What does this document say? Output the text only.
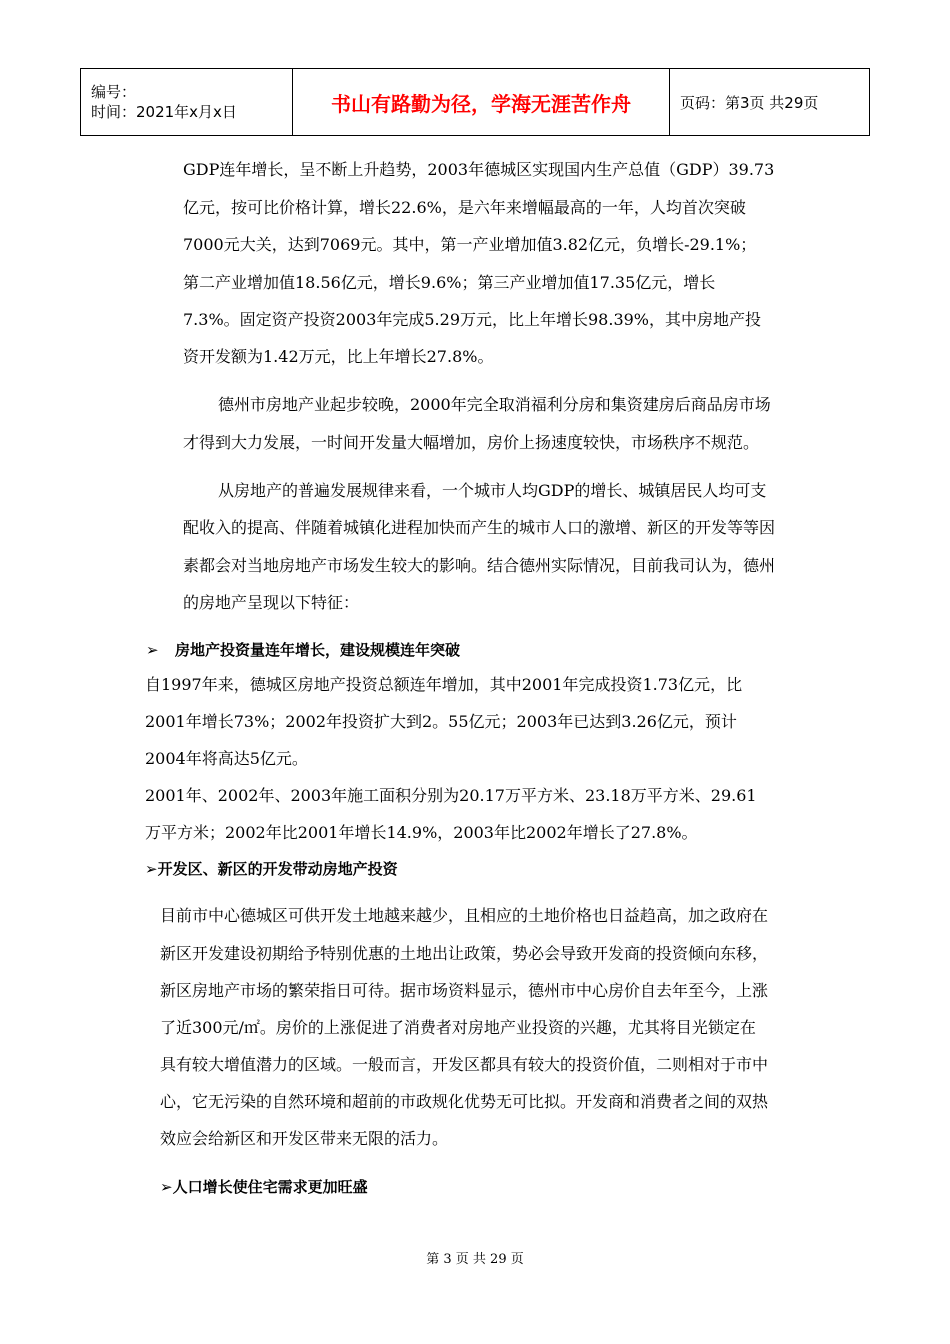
编号：
时间：2021年x月x日	书山有路勤为径，学海无涯苦作舟	页码：第3页 共29页
GDP连年增长，呈不断上升趋势，2003年德城区实现国内生产总值（GDP）39.73
亿元，按可比价格计算，增长22.6%，是六年来增幅最高的一年，人均首次突破
7000元大关，达到7069元。其中，第一产业增加值3.82亿元，负增长-29.1%；
第二产业增加值18.56亿元，增长9.6%；第三产业增加值17.35亿元，增长
7.3%。固定资产投资2003年完成5.29万元，比上年增长98.39%，其中房地产投
资开发额为1.42万元，比上年增长27.8%。
德州市房地产业起步较晚，2000年完全取消福利分房和集资建房后商品房市场
才得到大力发展，一时间开发量大幅增加，房价上扬速度较快，市场秩序不规范。
从房地产的普遍发展规律来看，一个城市人均GDP的增长、城镇居民人均可支
配收入的提高、伴随着城镇化进程加快而产生的城市人口的激增、新区的开发等等因
素都会对当地房地产市场发生较大的影响。结合德州实际情况，目前我司认为，德州
的房地产呈现以下特征：
➢ 房地产投资量连年增长，建设规模连年突破
自1997年来，德城区房地产投资总额连年增加，其中2001年完成投资1.73亿元，比
2001年增长73%；2002年投资扩大到2。55亿元；2003年已达到3.26亿元，预计
2004年将高达5亿元。
2001年、2002年、2003年施工面积分别为20.17万平方米、23.18万平方米、29.61
万平方米；2002年比2001年增长14.9%，2003年比2002年增长了27.8%。
➢开发区、新区的开发带动房地产投资
目前市中心德城区可供开发土地越来越少，且相应的土地价格也日益趋高，加之政府在
新区开发建设初期给予特别优惠的土地出让政策，势必会导致开发商的投资倾向东移，
新区房地产市场的繁荣指日可待。据市场资料显示，德州市中心房价自去年至今，上涨
了近300元/㎡。房价的上涨促进了消费者对房地产业投资的兴趣，尤其将目光锁定在
具有较大增值潜力的区域。一般而言，开发区都具有较大的投资价值，二则相对于市中
心，它无污染的自然环境和超前的市政规化优势无可比拟。开发商和消费者之间的双热
效应会给新区和开发区带来无限的活力。
➢人口增长使住宅需求更加旺盛
第 3 页 共 29 页
